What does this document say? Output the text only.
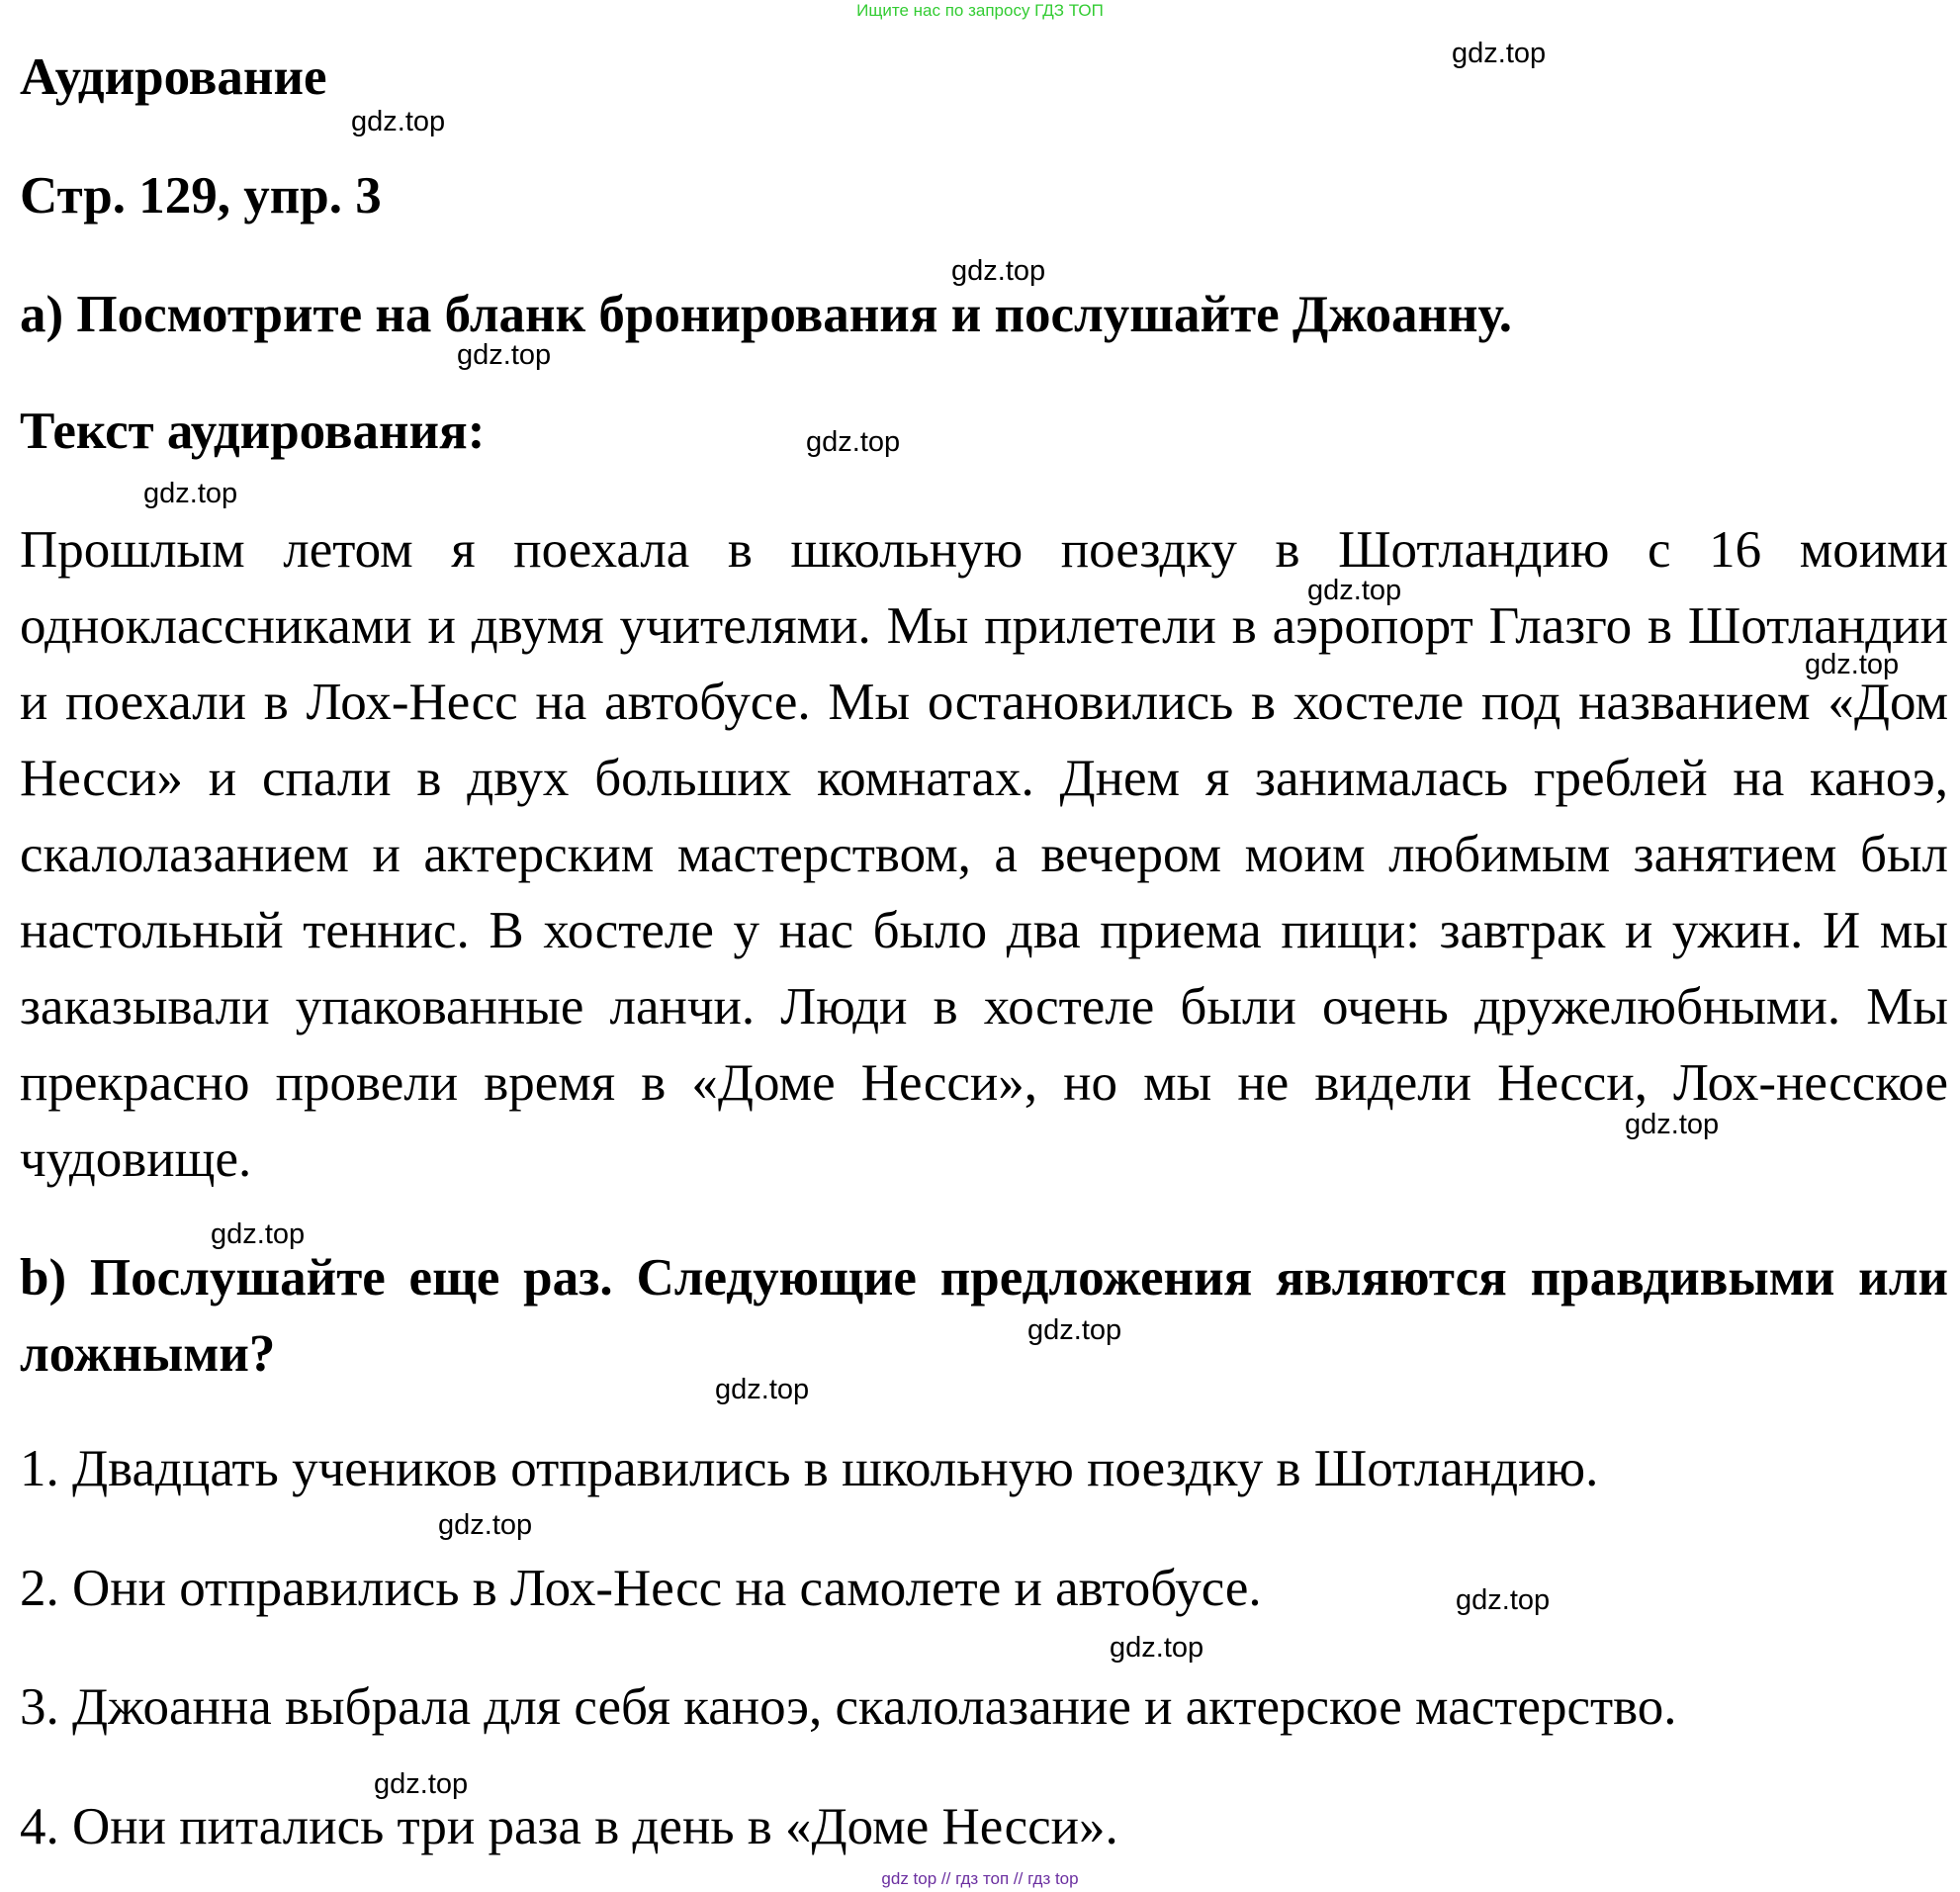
Ищите нас по запросу ГДЗ ТОП
Аудирование
Стр. 129, упр. 3
a) Посмотрите на бланк бронирования и послушайте Джоанну.
Текст аудирования:
Прошлым летом я поехала в школьную поездку в Шотландию с 16 моими одноклассниками и двумя учителями. Мы прилетели в аэропорт Глазго в Шотландии и поехали в Лох-Несс на автобусе. Мы остановились в хостеле под названием «Дом Несси» и спали в двух больших комнатах. Днем я занималась греблей на каноэ, скалолазанием и актерским мастерством, а вечером моим любимым занятием был настольный теннис. В хостеле у нас было два приема пищи: завтрак и ужин. И мы заказывали упакованные ланчи. Люди в хостеле были очень дружелюбными. Мы прекрасно провели время в «Доме Несси», но мы не видели Несси, Лох-несское чудовище.
b) Послушайте еще раз. Следующие предложения являются правдивыми или ложными?
1. Двадцать учеников отправились в школьную поездку в Шотландию.
2. Они отправились в Лох-Несс на самолете и автобусе.
3. Джоанна выбрала для себя каноэ, скалолазание и актерское мастерство.
4. Они питались три раза в день в «Доме Несси».
gdz.top
gdz.top
gdz.top
gdz.top
gdz.top
gdz.top
gdz.top
gdz.top
gdz.top
gdz.top
gdz.top
gdz.top
gdz.top
gdz.top
gdz.top
gdz.top
gdz top // гдз топ // гдз top
